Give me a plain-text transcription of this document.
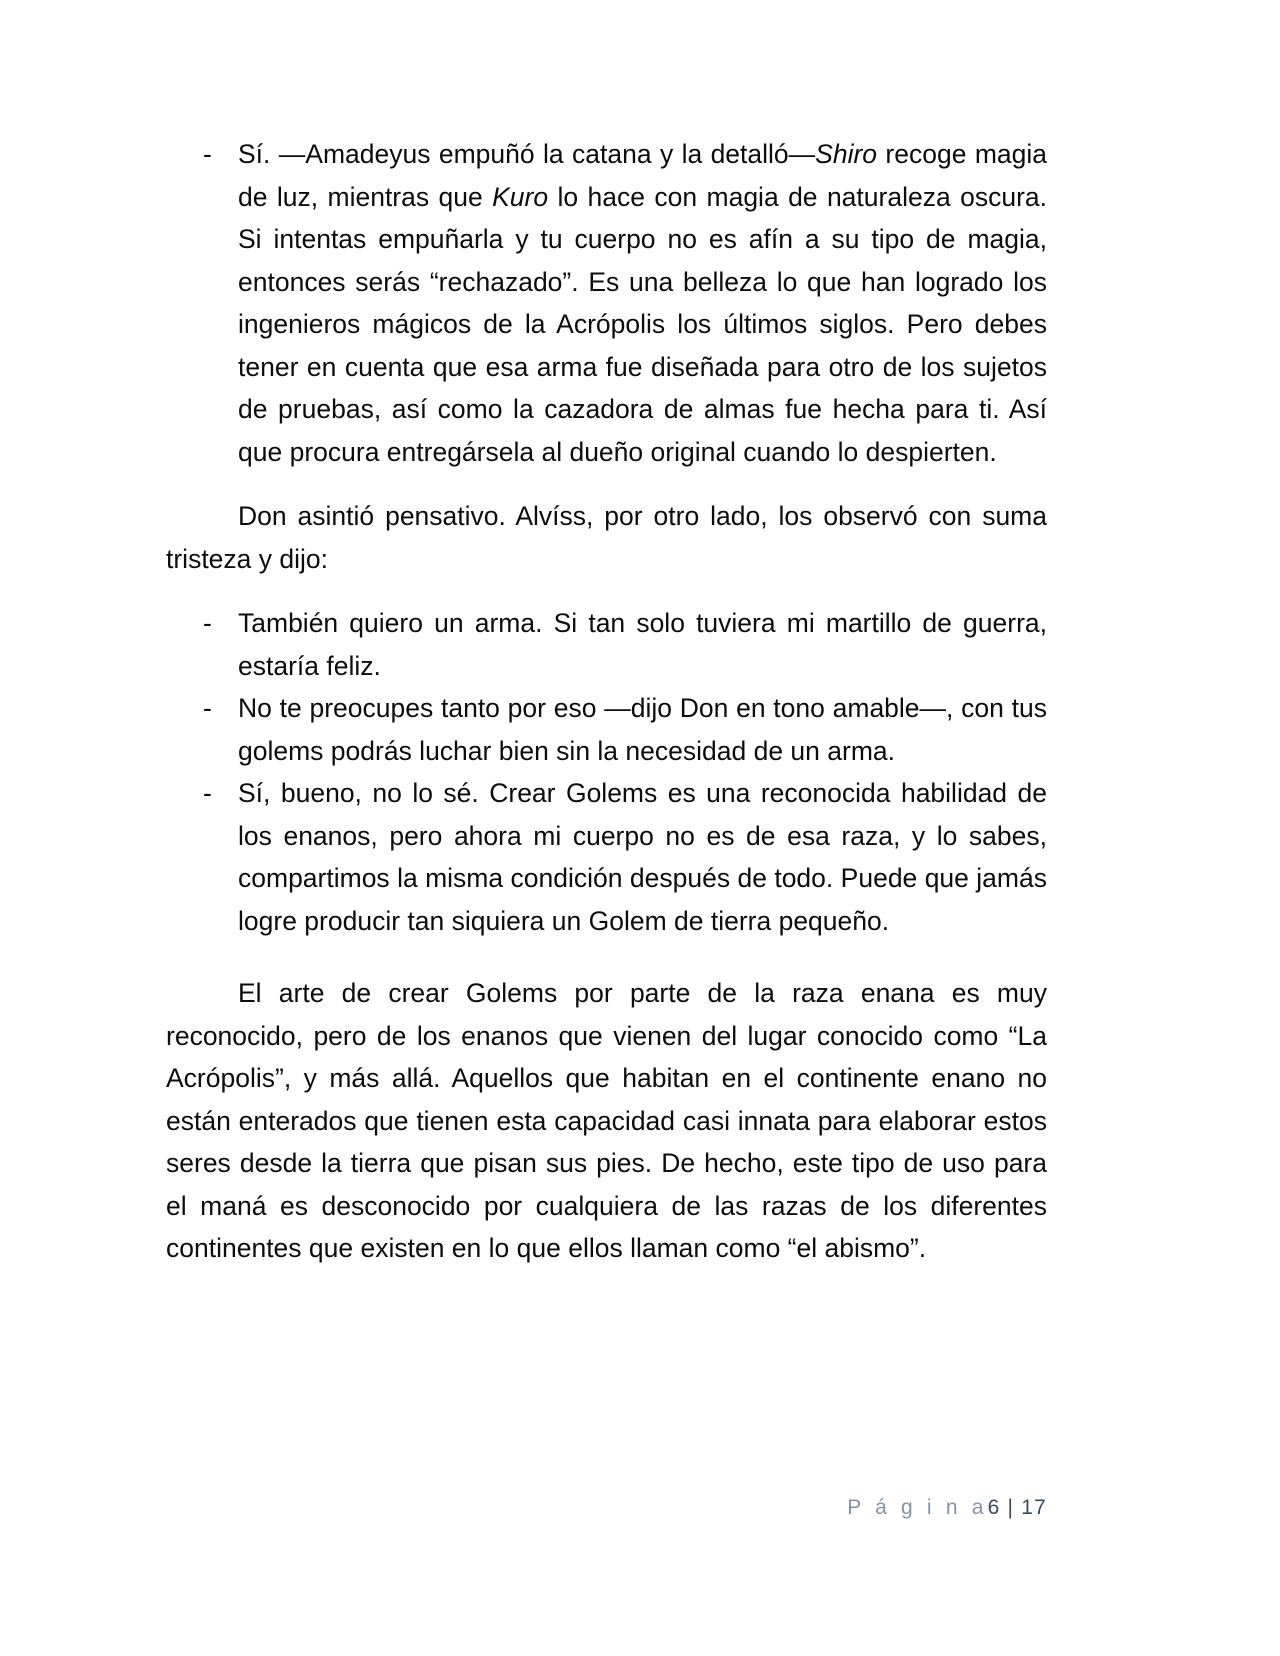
- Sí. —Amadeyus empuñó la catana y la detalló—Shiro recoge magia de luz, mientras que Kuro lo hace con magia de naturaleza oscura. Si intentas empuñarla y tu cuerpo no es afín a su tipo de magia, entonces serás “rechazado”. Es una belleza lo que han logrado los ingenieros mágicos de la Acrópolis los últimos siglos. Pero debes tener en cuenta que esa arma fue diseñada para otro de los sujetos de pruebas, así como la cazadora de almas fue hecha para ti. Así que procura entregársela al dueño original cuando lo despierten.

Don asintió pensativo. Alvíss, por otro lado, los observó con suma tristeza y dijo:

- También quiero un arma. Si tan solo tuviera mi martillo de guerra, estaría feliz.
- No te preocupes tanto por eso —dijo Don en tono amable—, con tus golems podrás luchar bien sin la necesidad de un arma.
- Sí, bueno, no lo sé. Crear Golems es una reconocida habilidad de los enanos, pero ahora mi cuerpo no es de esa raza, y lo sabes, compartimos la misma condición después de todo. Puede que jamás logre producir tan siquiera un Golem de tierra pequeño.

El arte de crear Golems por parte de la raza enana es muy reconocido, pero de los enanos que vienen del lugar conocido como “La Acrópolis”, y más allá. Aquellos que habitan en el continente enano no están enterados que tienen esta capacidad casi innata para elaborar estos seres desde la tierra que pisan sus pies. De hecho, este tipo de uso para el maná es desconocido por cualquiera de las razas de los diferentes continentes que existen en lo que ellos llaman como “el abismo”.

P á g i n a6 | 17
